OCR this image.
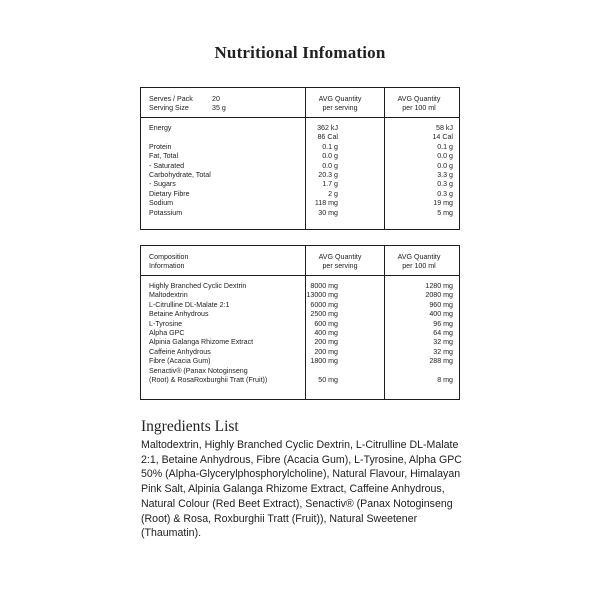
Nutritional Infomation
Serves / Pack	20
Serving Size	35 g
AVG Quantity
per serving
AVG Quantity
per 100 ml
Energy	362 kJ	58 kJ
86 Cal	14 Cal
Protein	0.1 g	0.1 g
Fat, Total	0.0 g	0.0 g
- Saturated	0.0 g	0.0 g
Carbohydrate, Total	20.3 g	3.3 g
- Sugars	1.7 g	0.3 g
Dietary Fibre	2 g	0.3 g
Sodium	118 mg	19 mg
Potassium	30 mg	5 mg
Composition
Information
AVG Quantity
per serving
AVG Quantity
per 100 ml
Highly Branched Cyclic Dextrin	8000 mg	1280 mg
Maltodextrin	13000 mg	2080 mg
L-Citrulline DL-Malate 2:1	6000 mg	960 mg
Betaine Anhydrous	2500 mg	400 mg
L-Tyrosine	600 mg	96 mg
Alpha GPC	400 mg	64 mg
Alpinia Galanga Rhizome Extract	200 mg	32 mg
Caffeine Anhydrous	200 mg	32 mg
Fibre (Acacia Gum)	1800 mg	288 mg
Senactiv® (Panax Notoginseng
(Root) & RosaRoxburghii Tratt (Fruit))	50 mg	8 mg
Ingredients List
Maltodextrin, Highly Branched Cyclic Dextrin, L-Citrulline DL-Malate 2:1, Betaine Anhydrous, Fibre (Acacia Gum), L-Tyrosine, Alpha GPC 50% (Alpha-Glycerylphosphorylcholine), Natural Flavour, Himalayan Pink Salt, Alpinia Galanga Rhizome Extract, Caffeine Anhydrous, Natural Colour (Red Beet Extract), Senactiv® (Panax Notoginseng (Root) & Rosa, Roxburghii Tratt (Fruit)), Natural Sweetener (Thaumatin).
